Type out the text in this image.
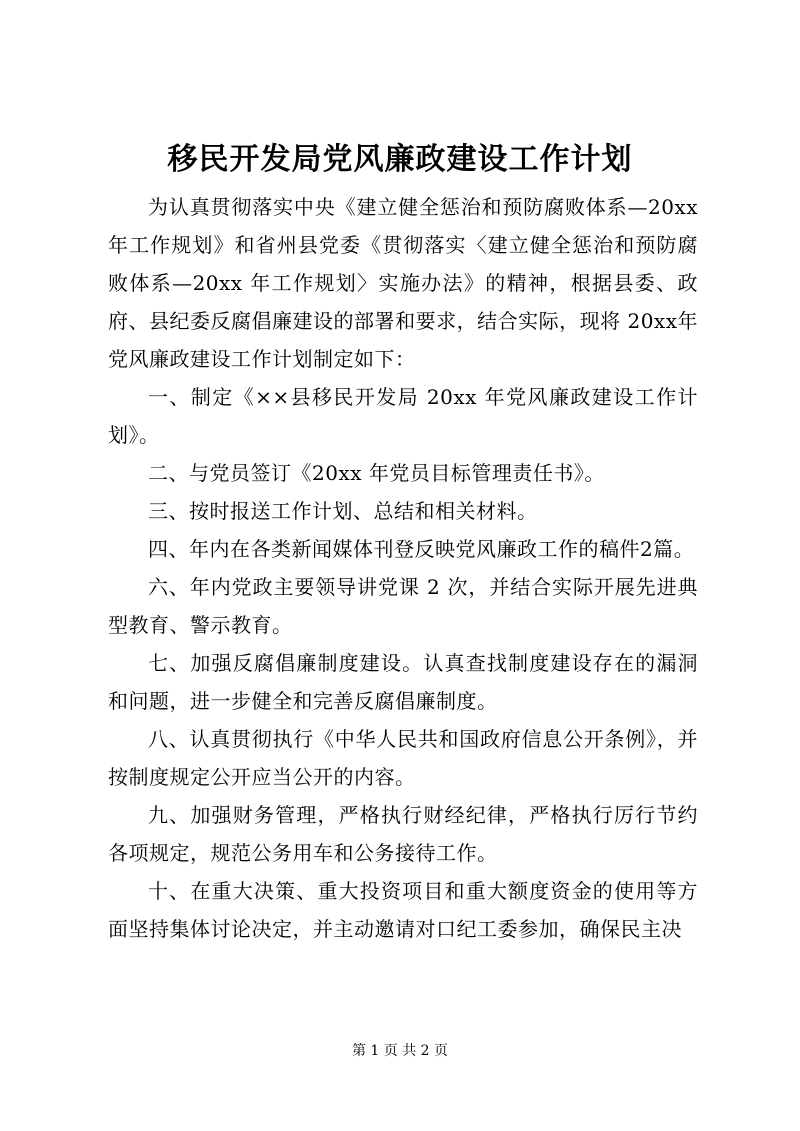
移民开发局党风廉政建设工作计划

为认真贯彻落实中央《建立健全惩治和预防腐败体系—20xx年工作规划》和省州县党委《贯彻落实〈建立健全惩治和预防腐败体系—20xx 年工作规划〉实施办法》的精神，根据县委、政府、县纪委反腐倡廉建设的部署和要求，结合实际，现将 20xx年党风廉政建设工作计划制定如下：

一、制定《××县移民开发局 20xx 年党风廉政建设工作计划》。

二、与党员签订《20xx 年党员目标管理责任书》。

三、按时报送工作计划、总结和相关材料。

四、年内在各类新闻媒体刊登反映党风廉政工作的稿件2篇。

六、年内党政主要领导讲党课 2 次，并结合实际开展先进典型教育、警示教育。

七、加强反腐倡廉制度建设。认真查找制度建设存在的漏洞和问题，进一步健全和完善反腐倡廉制度。

八、认真贯彻执行《中华人民共和国政府信息公开条例》，并按制度规定公开应当公开的内容。

九、加强财务管理，严格执行财经纪律，严格执行厉行节约各项规定，规范公务用车和公务接待工作。

十、在重大决策、重大投资项目和重大额度资金的使用等方面坚持集体讨论决定，并主动邀请对口纪工委参加，确保民主决

第 1 页 共 2 页
